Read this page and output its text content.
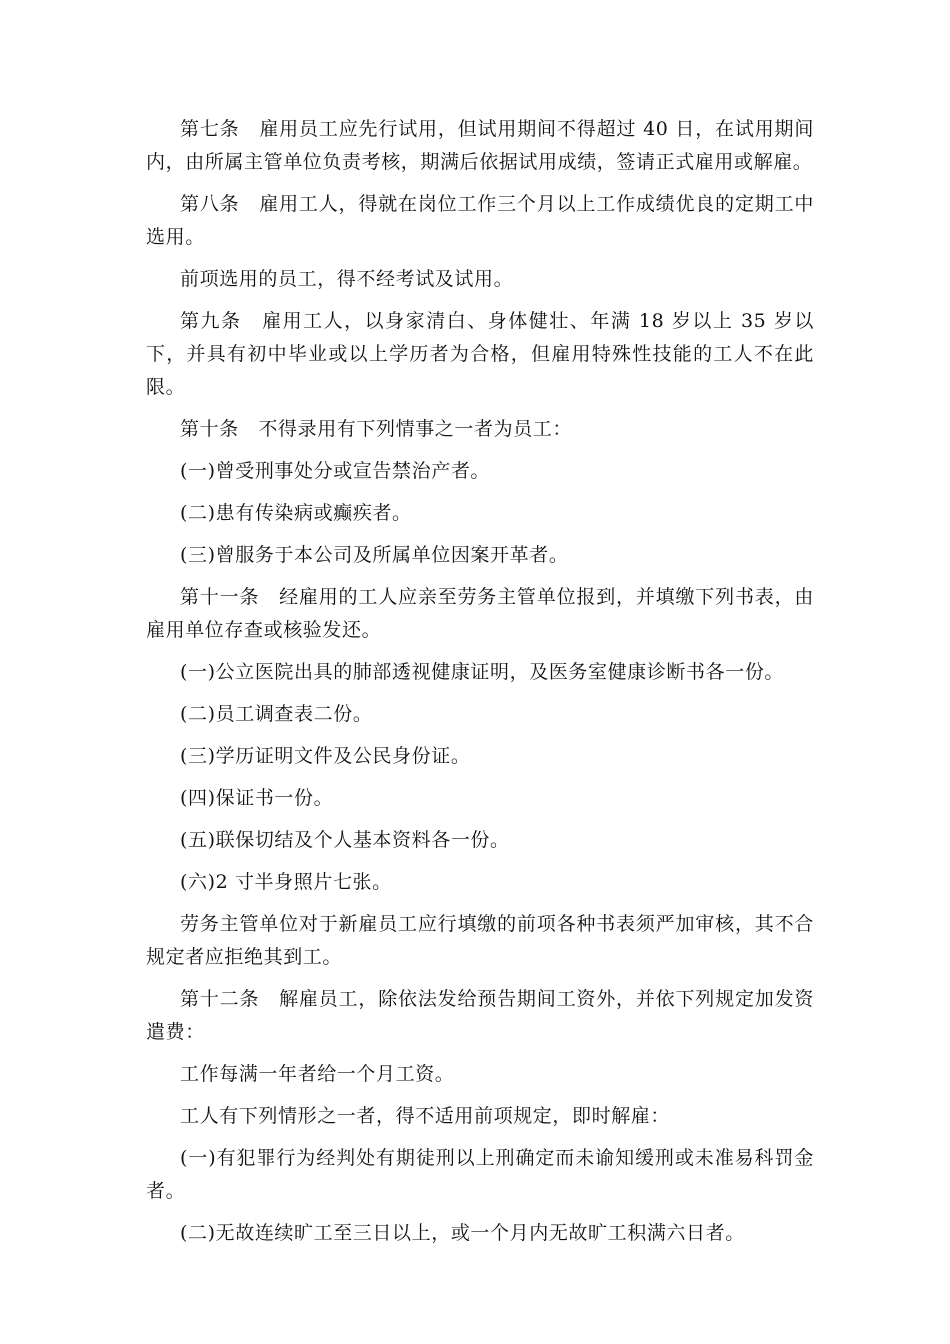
第七条　雇用员工应先行试用，但试用期间不得超过 40 日，在试用期间内，由所属主管单位负责考核，期满后依据试用成绩，签请正式雇用或解雇。

第八条　雇用工人，得就在岗位工作三个月以上工作成绩优良的定期工中选用。

前项选用的员工，得不经考试及试用。

第九条　雇用工人，以身家清白、身体健壮、年满 18 岁以上 35 岁以下，并具有初中毕业或以上学历者为合格，但雇用特殊性技能的工人不在此限。

第十条　不得录用有下列情事之一者为员工：

(一)曾受刑事处分或宣告禁治产者。

(二)患有传染病或癫疾者。

(三)曾服务于本公司及所属单位因案开革者。

第十一条　经雇用的工人应亲至劳务主管单位报到，并填缴下列书表，由雇用单位存查或核验发还。

(一)公立医院出具的肺部透视健康证明，及医务室健康诊断书各一份。

(二)员工调查表二份。

(三)学历证明文件及公民身份证。

(四)保证书一份。

(五)联保切结及个人基本资料各一份。

(六)2 寸半身照片七张。

劳务主管单位对于新雇员工应行填缴的前项各种书表须严加审核，其不合规定者应拒绝其到工。

第十二条　解雇员工，除依法发给预告期间工资外，并依下列规定加发资遣费：

工作每满一年者给一个月工资。

工人有下列情形之一者，得不适用前项规定，即时解雇：

(一)有犯罪行为经判处有期徒刑以上刑确定而未谕知缓刑或未准易科罚金者。

(二)无故连续旷工至三日以上，或一个月内无故旷工积满六日者。
